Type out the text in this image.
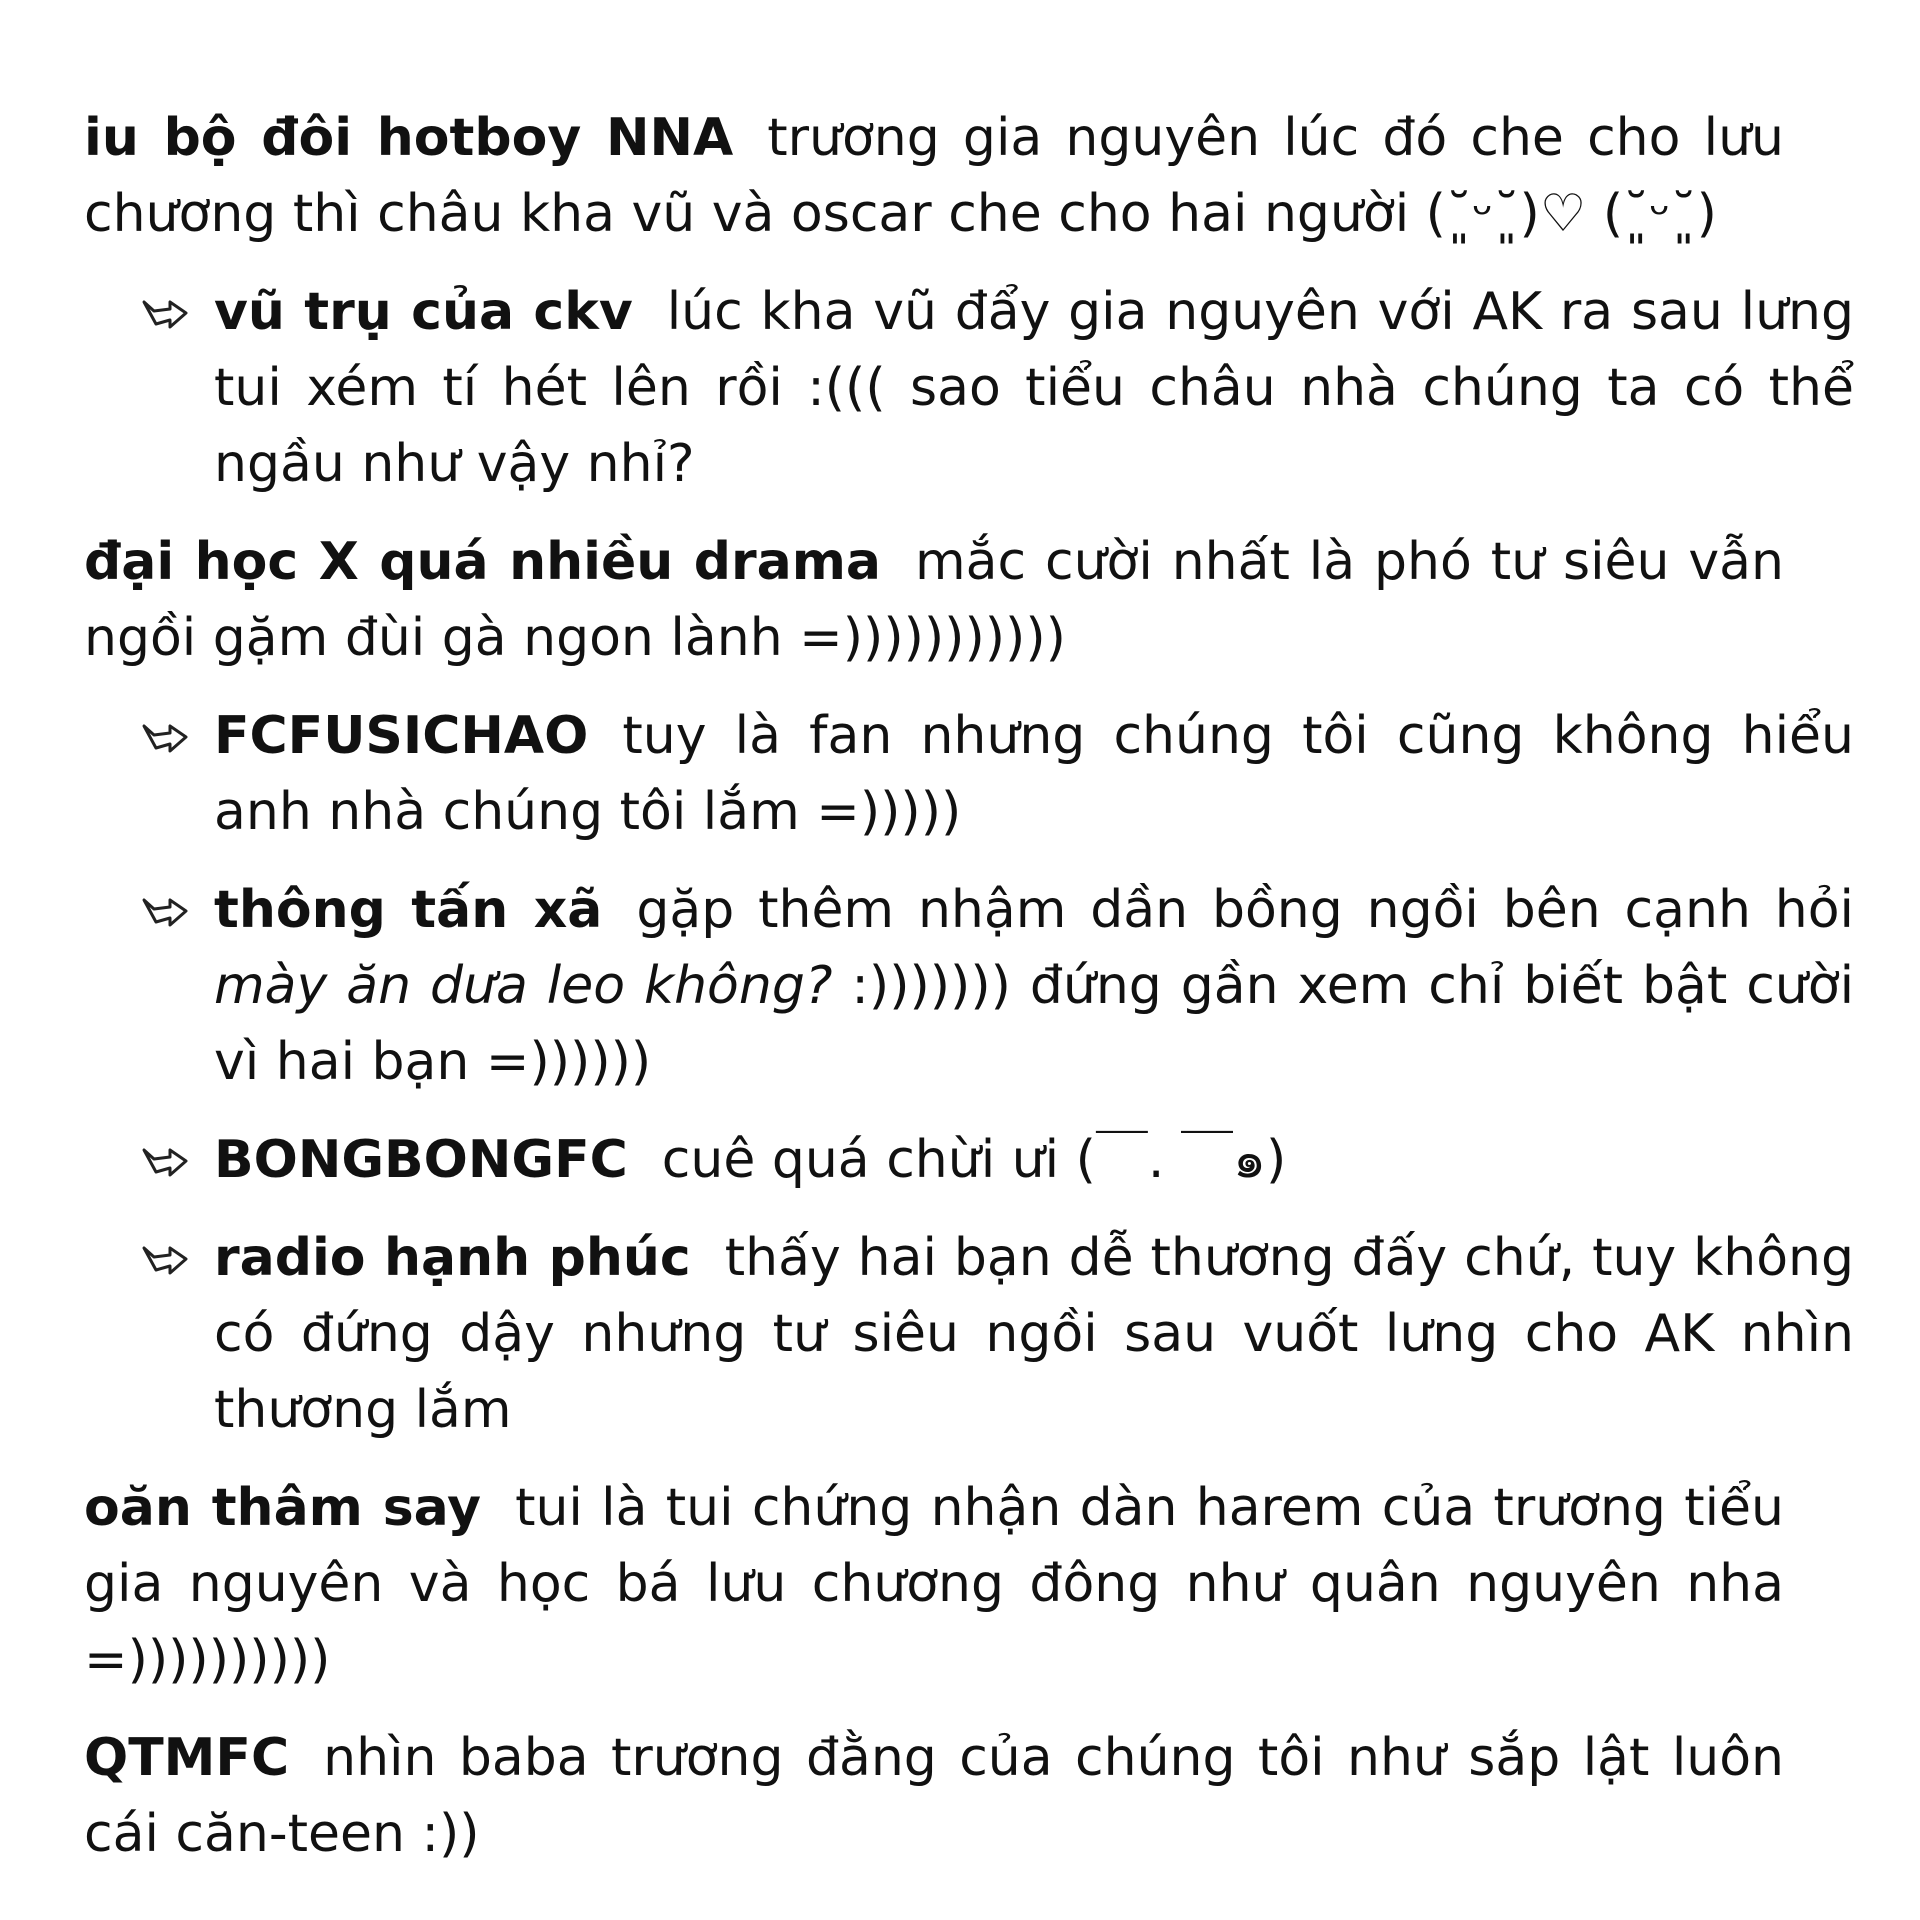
iu bộ đôi hotboy NNA trương gia nguyên lúc đó che cho lưu chương thì châu kha vũ và oscar che cho hai người (˘͈ᵕ˘͈)♡ (˘͈ᵕ˘͈)

vũ trụ của ckv lúc kha vũ đẩy gia nguyên với AK ra sau lưng tui xém tí hét lên rồi :((( sao tiểu châu nhà chúng ta có thể ngầu như vậy nhỉ?

đại học X quá nhiều drama mắc cười nhất là phó tư siêu vẫn ngồi gặm đùi gà ngon lành =)))))))))))

FCFUSICHAO tuy là fan nhưng chúng tôi cũng không hiểu anh nhà chúng tôi lắm =)))))

thông tấn xã gặp thêm nhậm dần bồng ngồi bên cạnh hỏi mày ăn dưa leo không? :))))))) đứng gần xem chỉ biết bật cười vì hai bạn =))))))

BONGBONGFC cuê quá chừi ưi (￣. ￣๑)

radio hạnh phúc thấy hai bạn dễ thương đấy chứ, tuy không có đứng dậy nhưng tư siêu ngồi sau vuốt lưng cho AK nhìn thương lắm

oăn thâm say tui là tui chứng nhận dàn harem của trương tiểu gia nguyên và học bá lưu chương đông như quân nguyên nha =))))))))))

QTMFC nhìn baba trương đằng của chúng tôi như sắp lật luôn cái căn-teen :))
